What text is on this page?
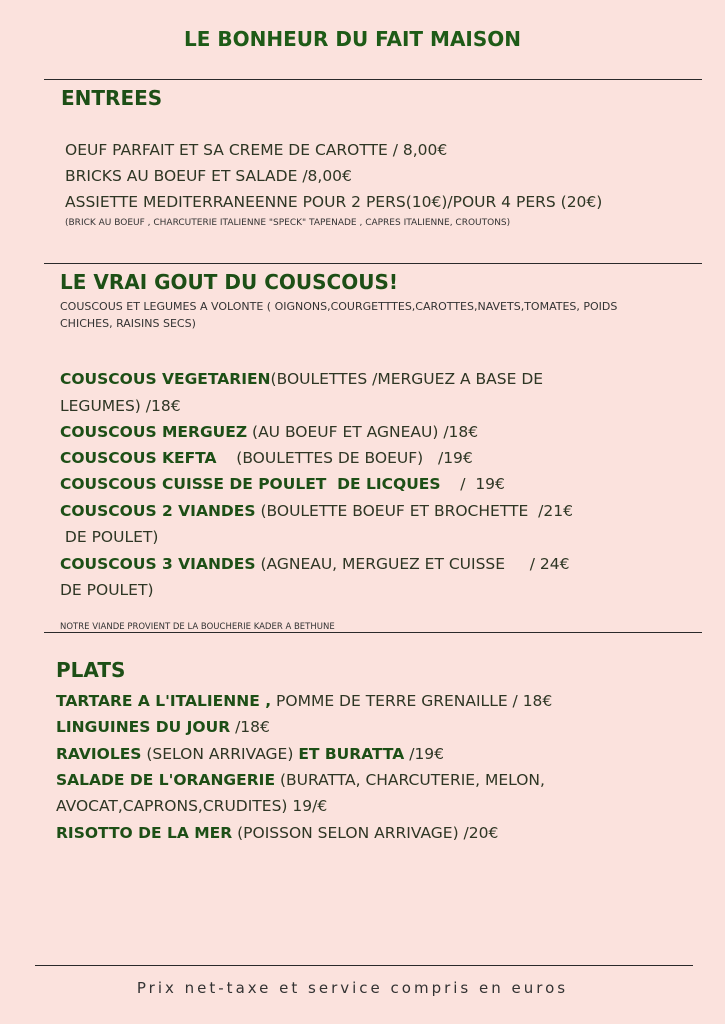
LE BONHEUR DU FAIT MAISON
ENTREES
OEUF PARFAIT ET SA CREME DE CAROTTE / 8,00€
BRICKS AU BOEUF ET SALADE /8,00€
ASSIETTE MEDITERRANEENNE POUR 2 PERS(10€)/POUR 4 PERS (20€)
(BRICK AU BOEUF , CHARCUTERIE ITALIENNE "SPECK" TAPENADE , CAPRES ITALIENNE, CROUTONS)
LE VRAI GOUT DU COUSCOUS!
COUSCOUS ET LEGUMES A VOLONTE ( OIGNONS,COURGETTTES,CAROTTES,NAVETS,TOMATES, POIDS
CHICHES, RAISINS SECS)
COUSCOUS VEGETARIEN(BOULETTES /MERGUEZ A BASE DE
LEGUMES) /18€
COUSCOUS MERGUEZ (AU BOEUF ET AGNEAU) /18€
COUSCOUS KEFTA    (BOULETTES DE BOEUF)   /19€
COUSCOUS CUISSE DE POULET  DE LICQUES    /  19€
COUSCOUS 2 VIANDES (BOULETTE BOEUF ET BROCHETTE  /21€
DE POULET)
COUSCOUS 3 VIANDES (AGNEAU, MERGUEZ ET CUISSE     / 24€
DE POULET)
NOTRE VIANDE PROVIENT DE LA BOUCHERIE KADER A BETHUNE
PLATS
TARTARE A L'ITALIENNE , POMME DE TERRE GRENAILLE / 18€
LINGUINES DU JOUR /18€
RAVIOLES (SELON ARRIVAGE) ET BURATTA /19€
SALADE DE L'ORANGERIE (BURATTA, CHARCUTERIE, MELON,
AVOCAT,CAPRONS,CRUDITES) 19/€
RISOTTO DE LA MER (POISSON SELON ARRIVAGE) /20€
Prix net-taxe et service compris en euros
